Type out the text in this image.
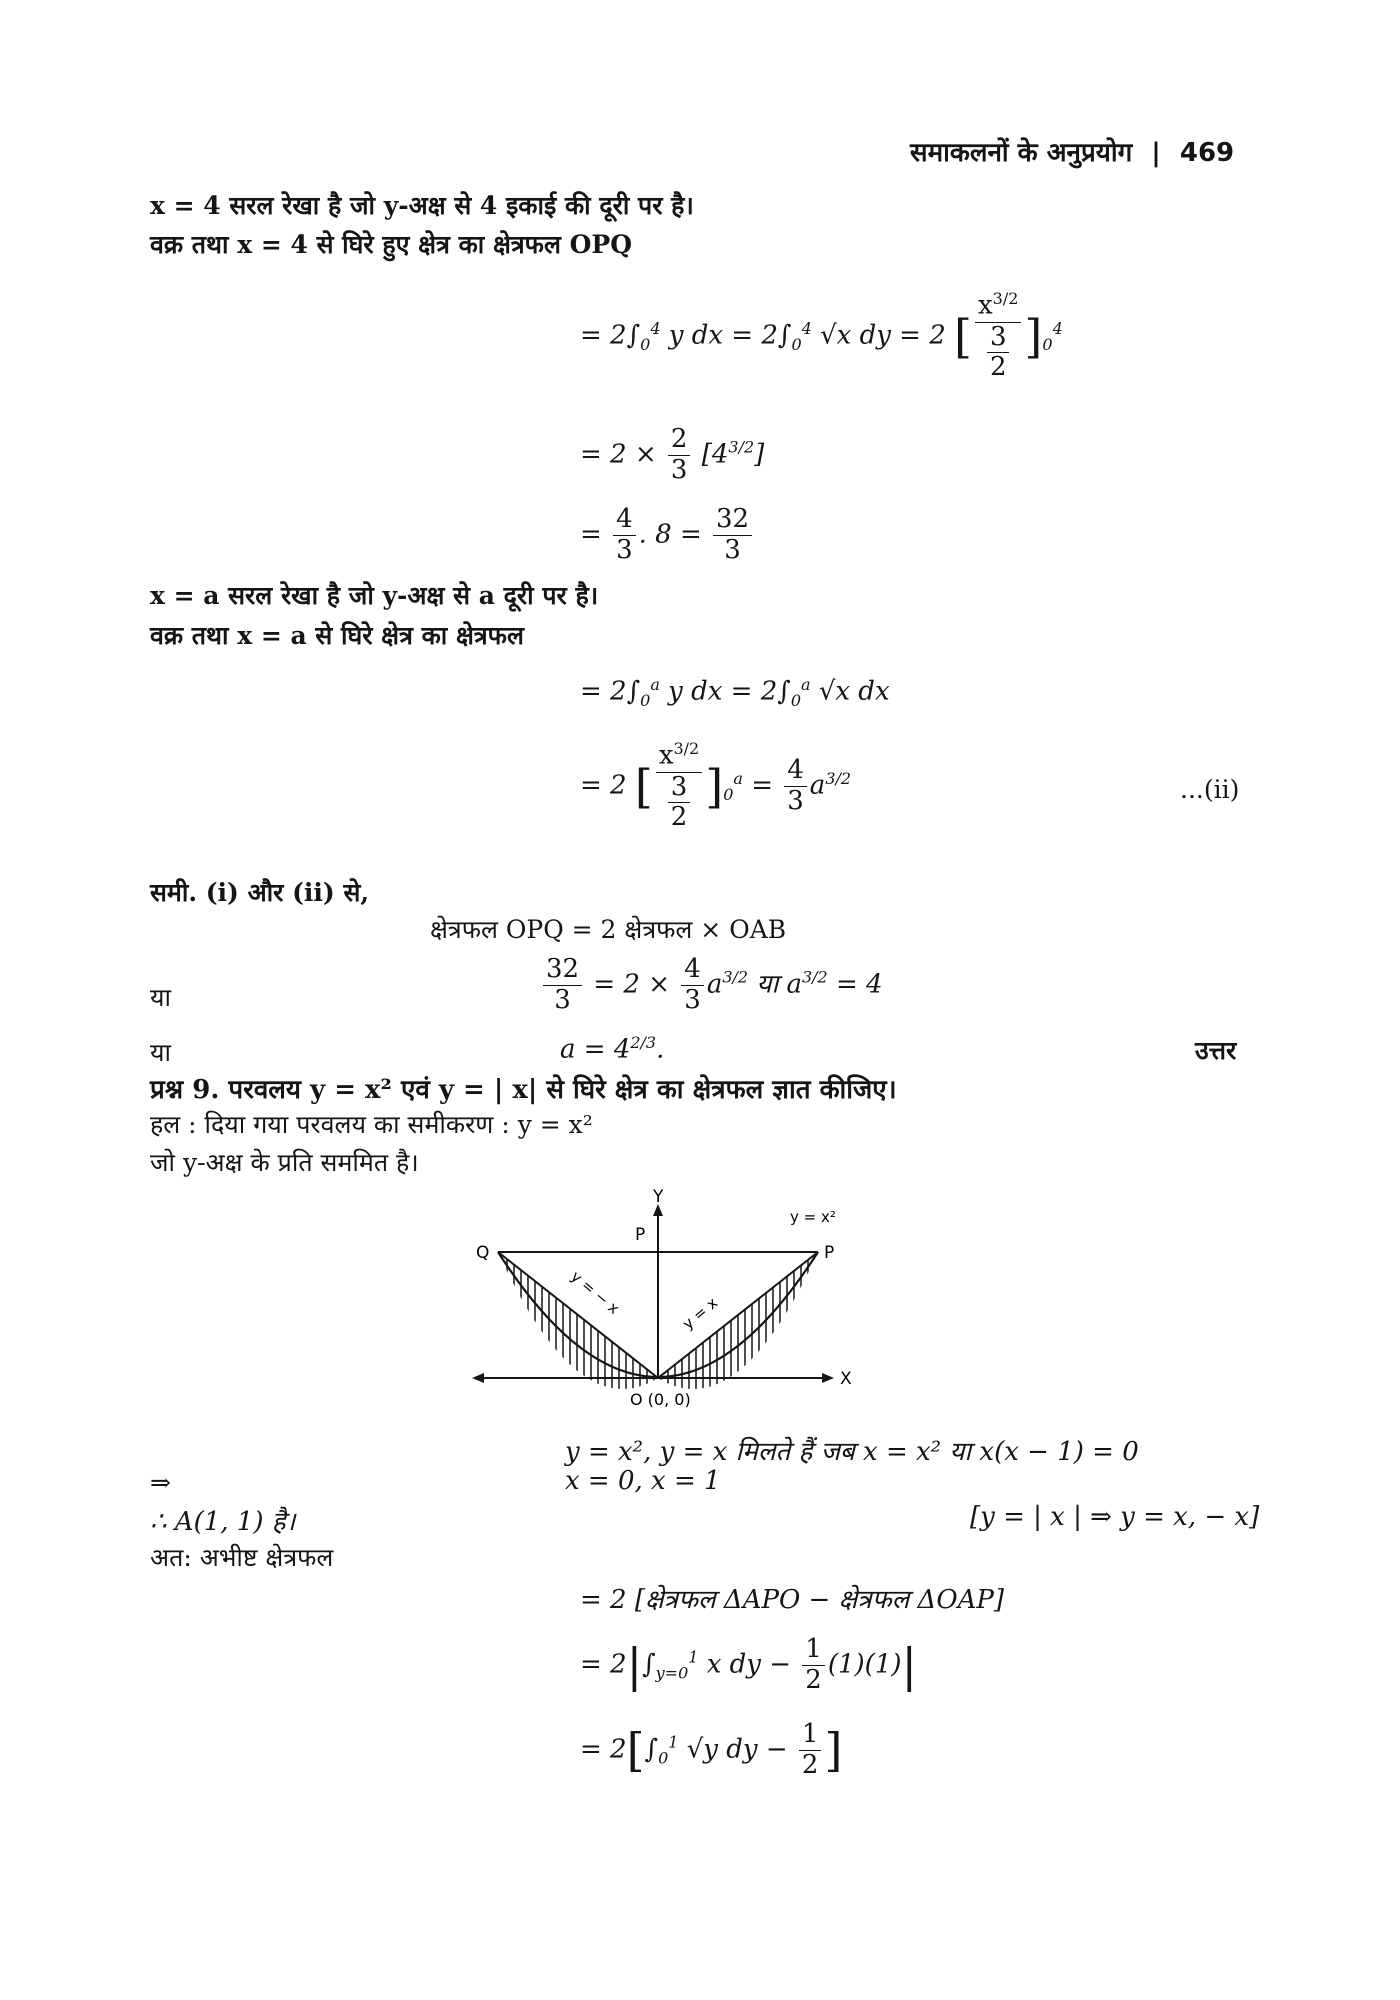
समाकलनों के अनुप्रयोग | 469
x = 4 सरल रेखा है जो y-अक्ष से 4 इकाई की दूरी पर है।
वक्र तथा x = 4 से घिरे हुए क्षेत्र का क्षेत्रफल OPQ
= $2\int_0^4$ y dx = $2\int_0^4$ √x dy = 2 [ $\frac{x^{3/2}}{\frac{3}{2}} ]_0^4$
= $2 \times \frac{2}{3} [4^{3/2}]$
= $\frac{4}{3}$ . $8 = \frac{32}{3}$
x = a सरल रेखा है जो y-अक्ष से a दूरी पर है।
वक्र तथा x = a से घिरे क्षेत्र का क्षेत्रफल
= $2\int_0^a$ y dx = $2\int_0^a$ √x dx
= 2 [ $\frac{x^{3/2}}{\frac{3}{2}} ]_0^a = \frac{4}{3} a^{3/2}$	...(ii)
समी. (i) और (ii) से,
क्षेत्रफल OPQ = 2 क्षेत्रफल × OAB
या	$\frac{32}{3} = 2 \times \frac{4}{3} a^{3/2}$ या $a^{3/2} = 4$
या	$a = 4^{2/3}$.	उत्तर
प्रश्न 9. परवलय y = x² एवं y = | x| से घिरे क्षेत्र का क्षेत्रफल ज्ञात कीजिए।
हल : दिया गया परवलय का समीकरण : y = x²
जो y-अक्ष के प्रति सममित है।
Y
X
P
Q	P
y = x²
y = − x	y = x
O (0, 0)
y = x², y = x मिलते हैं जब x = x² या x(x − 1) = 0
⇒	x = 0, x = 1
∴ A(1, 1) है।	[y = | x | ⇒ y = x, − x]
अत: अभीष्ट क्षेत्रफल
= 2 [क्षेत्रफल ΔAPO − क्षेत्रफल ΔOAP]
= $2|\int_{y=0}^1$ x dy − $\frac{1}{2} (1)(1)|$
= $2[\int_0^1$ √y dy − $\frac{1}{2}$ ]
